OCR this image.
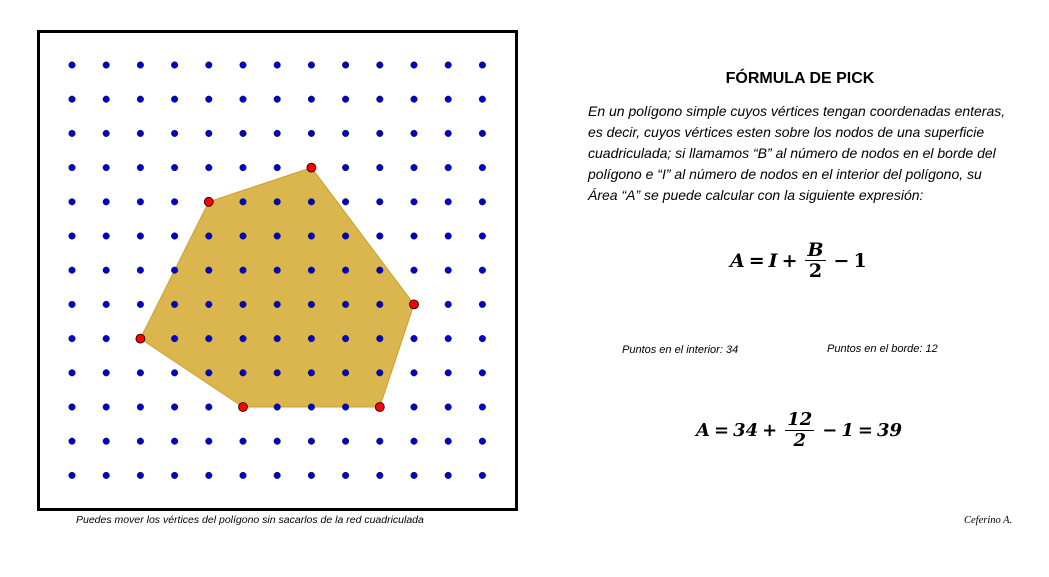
Puedes mover los vértices del polígono sin sacarlos de la red cuadriculada
FÓRMULA DE PICK
En un polígono simple cuyos vértices tengan coordenadas enteras,
es decir, cuyos vértices esten sobre los nodos de una superficie
cuadriculada; si llamamos “B” al número de nodos en el borde del
polígono e “I” al número de nodos en el interior del polígono, su
Área “A” se puede calcular con la siguiente expresión:
$A = I + \frac{B}{2} - 1$
Puntos en el interior: 34	Puntos en el borde: 12
$A = 34 + \frac{12}{2} - 1 = 39$
Ceferino A.
